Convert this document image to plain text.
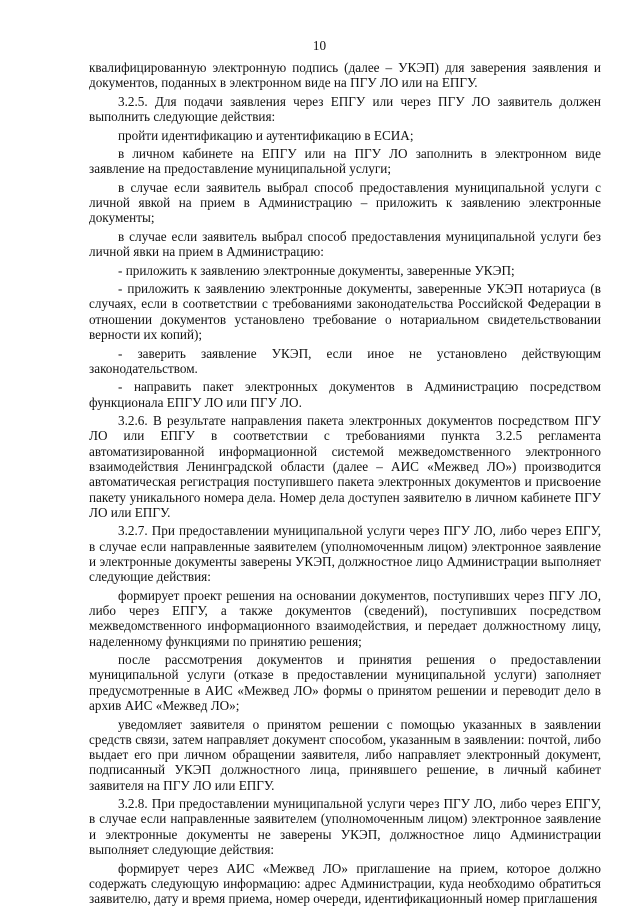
10

квалифицированную электронную подпись (далее – УКЭП) для заверения заявления и документов, поданных в электронном виде на ПГУ ЛО или на ЕПГУ.

3.2.5. Для подачи заявления через ЕПГУ или через ПГУ ЛО заявитель должен выполнить следующие действия:

пройти идентификацию и аутентификацию в ЕСИА;

в личном кабинете на ЕПГУ или на ПГУ ЛО заполнить в электронном виде заявление на предоставление муниципальной услуги;

в случае если заявитель выбрал способ предоставления муниципальной услуги с личной явкой на прием в Администрацию – приложить к заявлению электронные документы;

в случае если заявитель выбрал способ предоставления муниципальной услуги без личной явки на прием в Администрацию:

- приложить к заявлению электронные документы, заверенные УКЭП;

- приложить к заявлению электронные документы, заверенные УКЭП нотариуса (в случаях, если в соответствии с требованиями законодательства Российской Федерации в отношении документов установлено требование о нотариальном свидетельствовании верности их копий);

- заверить заявление УКЭП, если иное не установлено действующим законодательством.

- направить пакет электронных документов в Администрацию посредством функционала ЕПГУ ЛО или ПГУ ЛО.

3.2.6. В результате направления пакета электронных документов посредством ПГУ ЛО или ЕПГУ в соответствии с требованиями пункта 3.2.5 регламента автоматизированной информационной системой межведомственного электронного взаимодействия Ленинградской области (далее – АИС «Межвед ЛО») производится автоматическая регистрация поступившего пакета электронных документов и присвоение пакету уникального номера дела. Номер дела доступен заявителю в личном кабинете ПГУ ЛО или ЕПГУ.

3.2.7. При предоставлении муниципальной услуги через ПГУ ЛО, либо через ЕПГУ, в случае если направленные заявителем (уполномоченным лицом) электронное заявление и электронные документы заверены УКЭП, должностное лицо Администрации выполняет следующие действия:

формирует проект решения на основании документов, поступивших через ПГУ ЛО, либо через ЕПГУ, а также документов (сведений), поступивших посредством межведомственного информационного взаимодействия, и передает должностному лицу, наделенному функциями по принятию решения;

после рассмотрения документов и принятия решения о предоставлении муниципальной услуги (отказе в предоставлении муниципальной услуги) заполняет предусмотренные в АИС «Межвед ЛО» формы о принятом решении и переводит дело в архив АИС «Межвед ЛО»;

уведомляет заявителя о принятом решении с помощью указанных в заявлении средств связи, затем направляет документ способом, указанным в заявлении: почтой, либо выдает его при личном обращении заявителя, либо направляет электронный документ, подписанный УКЭП должностного лица, принявшего решение, в личный кабинет заявителя на ПГУ ЛО или ЕПГУ.

3.2.8. При предоставлении муниципальной услуги через ПГУ ЛО, либо через ЕПГУ, в случае если направленные заявителем (уполномоченным лицом) электронное заявление и электронные документы не заверены УКЭП, должностное лицо Администрации выполняет следующие действия:

формирует через АИС «Межвед ЛО» приглашение на прием, которое должно содержать следующую информацию: адрес Администрации, куда необходимо обратиться заявителю, дату и время приема, номер очереди, идентификационный номер приглашения
